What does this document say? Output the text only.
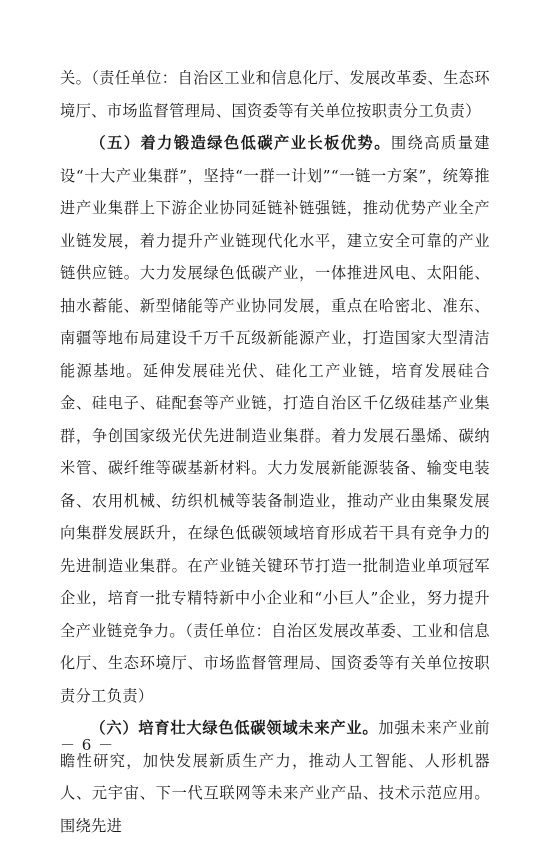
关。（责任单位：自治区工业和信息化厅、发展改革委、生态环境厅、市场监督管理局、国资委等有关单位按职责分工负责）

（五）着力锻造绿色低碳产业长板优势。围绕高质量建设“十大产业集群”，坚持“一群一计划”“一链一方案”，统筹推进产业集群上下游企业协同延链补链强链，推动优势产业全产业链发展，着力提升产业链现代化水平，建立安全可靠的产业链供应链。大力发展绿色低碳产业，一体推进风电、太阳能、抽水蓄能、新型储能等产业协同发展，重点在哈密北、准东、南疆等地布局建设千万千瓦级新能源产业，打造国家大型清洁能源基地。延伸发展硅光伏、硅化工产业链，培育发展硅合金、硅电子、硅配套等产业链，打造自治区千亿级硅基产业集群，争创国家级光伏先进制造业集群。着力发展石墨烯、碳纳米管、碳纤维等碳基新材料。大力发展新能源装备、输变电装备、农用机械、纺织机械等装备制造业，推动产业由集聚发展向集群发展跃升，在绿色低碳领域培育形成若干具有竞争力的先进制造业集群。在产业链关键环节打造一批制造业单项冠军企业，培育一批专精特新中小企业和“小巨人”企业，努力提升全产业链竞争力。（责任单位：自治区发展改革委、工业和信息化厅、生态环境厅、市场监督管理局、国资委等有关单位按职责分工负责）

（六）培育壮大绿色低碳领域未来产业。加强未来产业前瞻性研究，加快发展新质生产力，推动人工智能、人形机器人、元宇宙、下一代互联网等未来产业产品、技术示范应用。围绕先进

－ 6 －
